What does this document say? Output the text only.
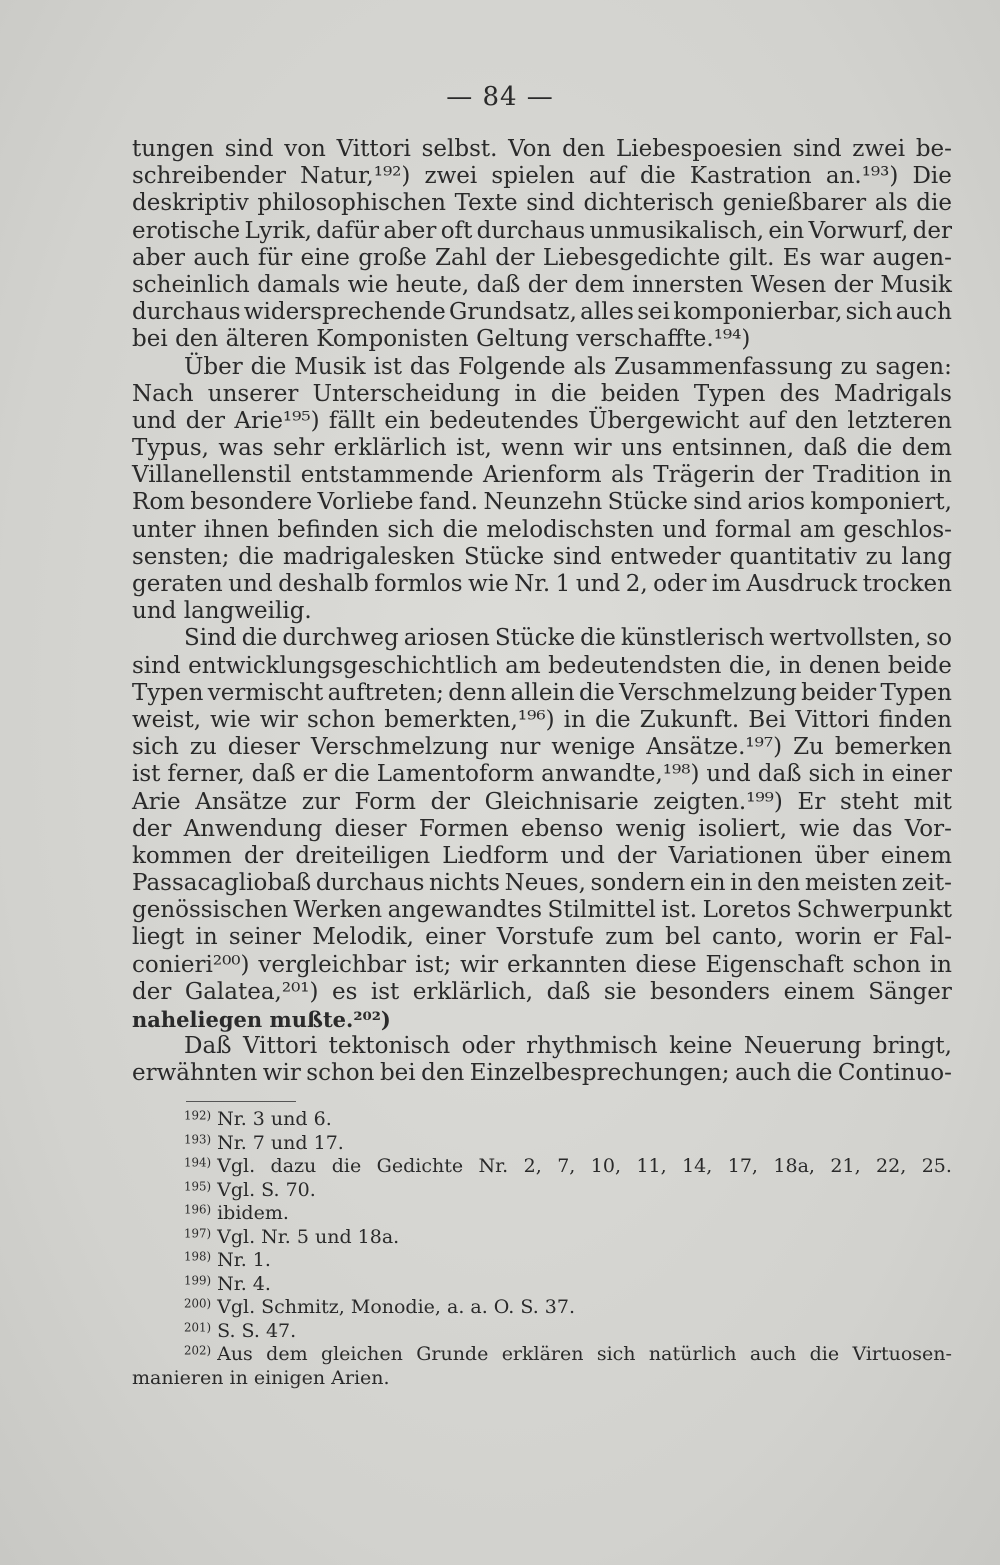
— 84 —
tungen sind von Vittori selbst. Von den Liebespoesien sind zwei be-
schreibender Natur,¹⁹²) zwei spielen auf die Kastration an.¹⁹³) Die
deskriptiv philosophischen Texte sind dichterisch genießbarer als die
erotische Lyrik, dafür aber oft durchaus unmusikalisch, ein Vorwurf, der
aber auch für eine große Zahl der Liebesgedichte gilt. Es war augen-
scheinlich damals wie heute, daß der dem innersten Wesen der Musik
durchaus widersprechende Grundsatz, alles sei komponierbar, sich auch
bei den älteren Komponisten Geltung verschaffte.¹⁹⁴)
Über die Musik ist das Folgende als Zusammenfassung zu sagen:
Nach unserer Unterscheidung in die beiden Typen des Madrigals
und der Arie¹⁹⁵) fällt ein bedeutendes Übergewicht auf den letzteren
Typus, was sehr erklärlich ist, wenn wir uns entsinnen, daß die dem
Villanellenstil entstammende Arienform als Trägerin der Tradition in
Rom besondere Vorliebe fand. Neunzehn Stücke sind arios komponiert,
unter ihnen befinden sich die melodischsten und formal am geschlos-
sensten; die madrigalesken Stücke sind entweder quantitativ zu lang
geraten und deshalb formlos wie Nr. 1 und 2, oder im Ausdruck trocken
und langweilig.
Sind die durchweg ariosen Stücke die künstlerisch wertvollsten, so
sind entwicklungsgeschichtlich am bedeutendsten die, in denen beide
Typen vermischt auftreten; denn allein die Verschmelzung beider Typen
weist, wie wir schon bemerkten,¹⁹⁶) in die Zukunft. Bei Vittori finden
sich zu dieser Verschmelzung nur wenige Ansätze.¹⁹⁷) Zu bemerken
ist ferner, daß er die Lamentoform anwandte,¹⁹⁸) und daß sich in einer
Arie Ansätze zur Form der Gleichnisarie zeigten.¹⁹⁹) Er steht mit
der Anwendung dieser Formen ebenso wenig isoliert, wie das Vor-
kommen der dreiteiligen Liedform und der Variationen über einem
Passacagliobaß durchaus nichts Neues, sondern ein in den meisten zeit-
genössischen Werken angewandtes Stilmittel ist. Loretos Schwerpunkt
liegt in seiner Melodik, einer Vorstufe zum bel canto, worin er Fal-
conieri²⁰⁰) vergleichbar ist; wir erkannten diese Eigenschaft schon in
der Galatea,²⁰¹) es ist erklärlich, daß sie besonders einem Sänger
naheliegen mußte.²⁰²)
Daß Vittori tektonisch oder rhythmisch keine Neuerung bringt,
erwähnten wir schon bei den Einzelbesprechungen; auch die Continuo-
$^{192)}$ Nr. 3 und 6.
$^{193)}$ Nr. 7 und 17.
$^{194)}$ Vgl. dazu die Gedichte Nr. 2, 7, 10, 11, 14, 17, 18a, 21, 22, 25.
$^{195)}$ Vgl. S. 70.
$^{196)}$ ibidem.
$^{197)}$ Vgl. Nr. 5 und 18a.
$^{198)}$ Nr. 1.
$^{199)}$ Nr. 4.
$^{200)}$ Vgl. Schmitz, Monodie, a. a. O. S. 37.
$^{201)}$ S. S. 47.
$^{202)}$ Aus dem gleichen Grunde erklären sich natürlich auch die Virtuosen-
manieren in einigen Arien.
